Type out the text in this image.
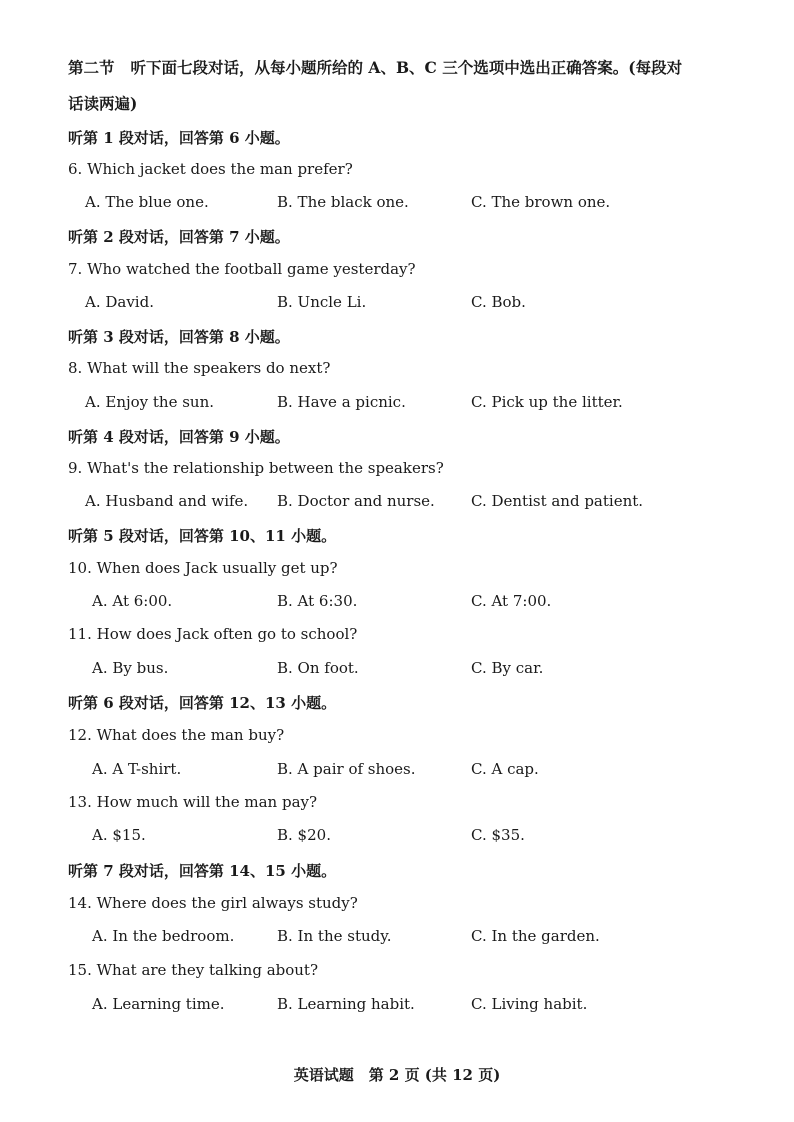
第二节 听下面七段对话，从每小题所给的 A、B、C 三个选项中选出正确答案。(每段对
话读两遍)
听第 1 段对话，回答第 6 小题。
6. Which jacket does the man prefer?
A. The blue one.	B. The black one.	C. The brown one.
听第 2 段对话，回答第 7 小题。
7. Who watched the football game yesterday?
A. David.	B. Uncle Li.	C. Bob.
听第 3 段对话，回答第 8 小题。
8. What will the speakers do next?
A. Enjoy the sun.	B. Have a picnic.	C. Pick up the litter.
听第 4 段对话，回答第 9 小题。
9. What's the relationship between the speakers?
A. Husband and wife. B. Doctor and nurse. C. Dentist and patient.
听第 5 段对话，回答第 10、11 小题。
10. When does Jack usually get up?
A. At 6:00.	B. At 6:30.	C. At 7:00.
11. How does Jack often go to school?
A. By bus.	B. On foot.	C. By car.
听第 6 段对话，回答第 12、13 小题。
12. What does the man buy?
A. A T-shirt.	B. A pair of shoes.	C. A cap.
13. How much will the man pay?
A. $15.	B. $20.	C. $35.
听第 7 段对话，回答第 14、15 小题。
14. Where does the girl always study?
A. In the bedroom.	B. In the study.	C. In the garden.
15. What are they talking about?
A. Learning time.	B. Learning habit.	C. Living habit.
英语试题　第 2 页 (共 12 页)
